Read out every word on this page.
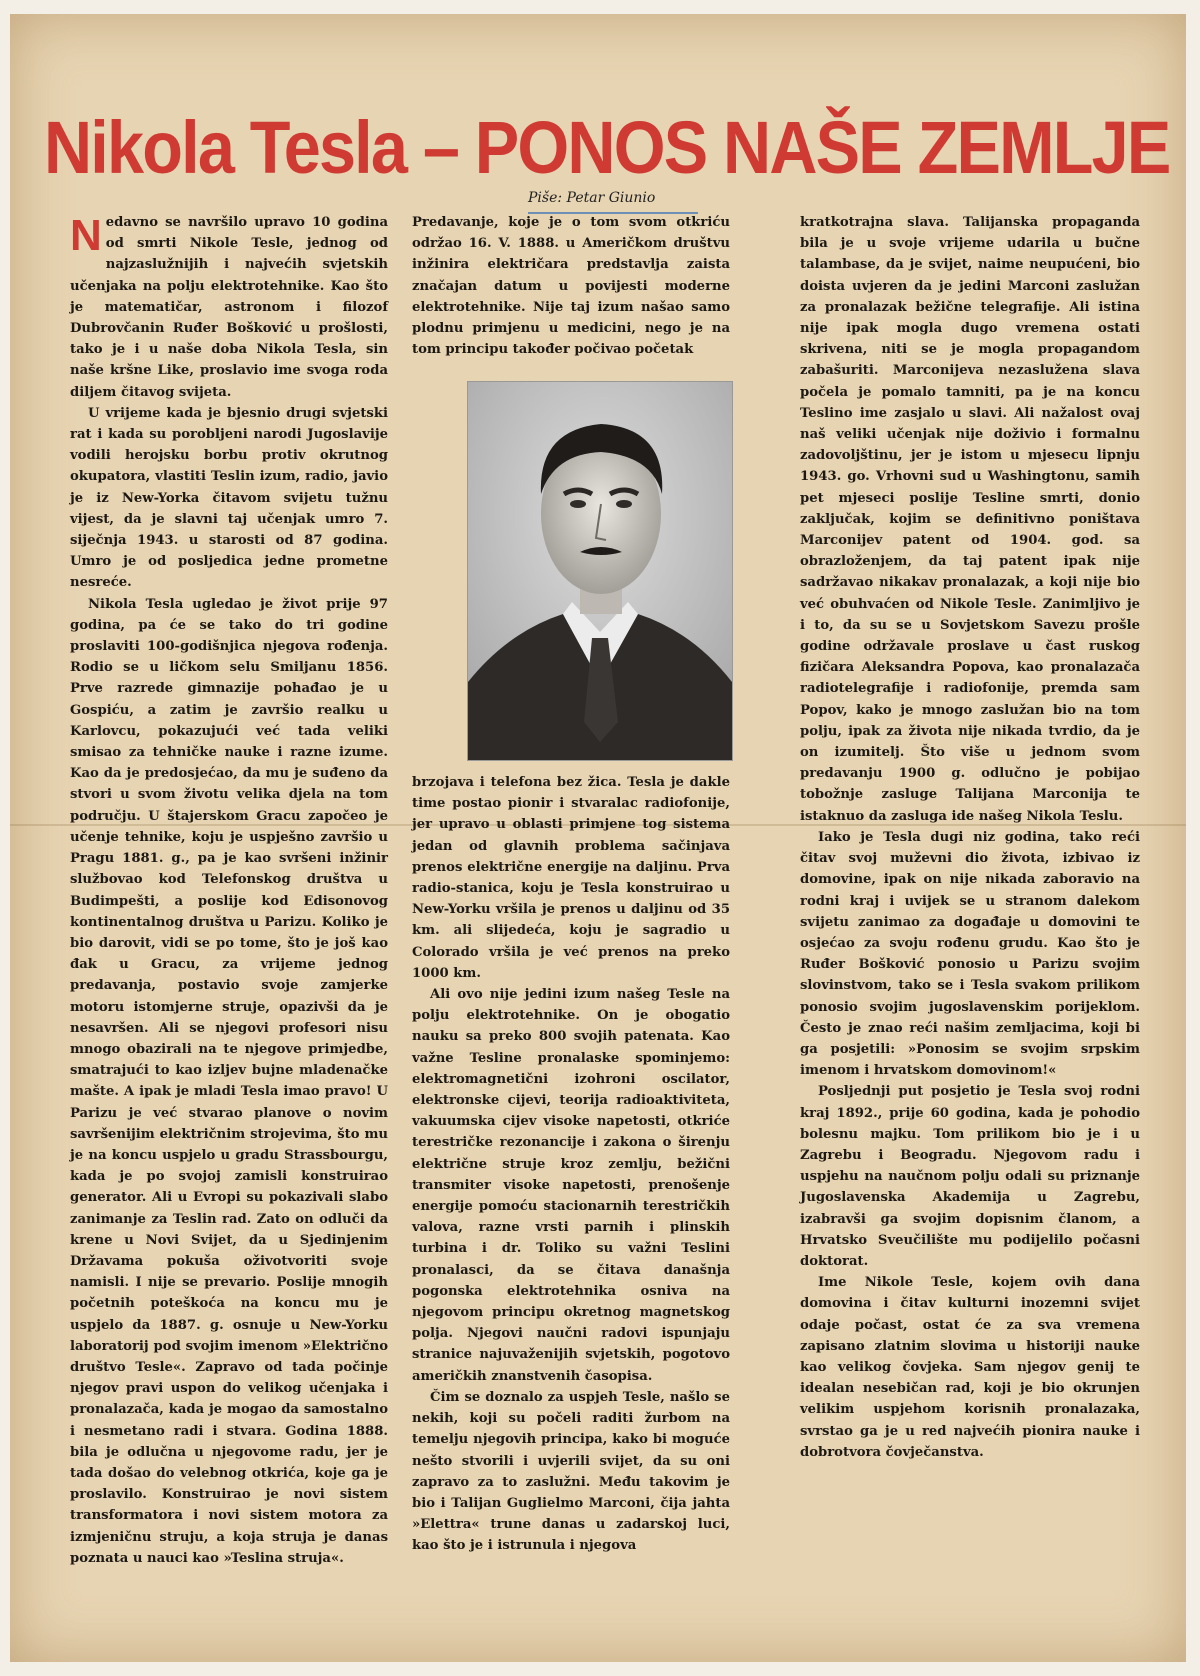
Nikola Tesla – PONOS NAŠE ZEMLJE
Piše: Petar Giunio

N edavno se navršilo upravo 10 godina od smrti Nikole Tesle, jednog od najzaslužnijih i najvećih svjetskih učenjaka na polju elektrotehnike. Kao što je matematičar, astronom i filozof Dubrovčanin Ruđer Bošković u prošlosti, tako je i u naše doba Nikola Tesla, sin naše kršne Like, proslavio ime svoga roda diljem čitavog svijeta.

U vrijeme kada je bjesnio drugi svjetski rat i kada su porobljeni narodi Jugoslavije vodili herojsku borbu protiv okrutnog okupatora, vlastiti Teslin izum, radio, javio je iz New-Yorka čitavom svijetu tužnu vijest, da je slavni taj učenjak umro 7. siječnja 1943. u starosti od 87 godina. Umro je od posljedica jedne prometne nesreće.

Nikola Tesla ugledao je život prije 97 godina, pa će se tako do tri godine proslaviti 100-godišnjica njegova rođenja. Rodio se u ličkom selu Smiljanu 1856. Prve razrede gimnazije pohađao je u Gospiću, a zatim je završio realku u Karlovcu, pokazujući već tada veliki smisao za tehničke nauke i razne izume. Kao da je predosjećao, da mu je suđeno da stvori u svom životu velika djela na tom području. U štajerskom Gracu započeo je učenje tehnike, koju je uspješno završio u Pragu 1881. g., pa je kao svršeni inžinir službovao kod Telefonskog društva u Budimpešti, a poslije kod Edisonovog kontinentalnog društva u Parizu. Koliko je bio darovit, vidi se po tome, što je još kao đak u Gracu, za vrijeme jednog predavanja, postavio svoje zamjerke motoru istomjerne struje, opazivši da je nesavršen. Ali se njegovi profesori nisu mnogo obazirali na te njegove primjedbe, smatrajući to kao izljev bujne mladenačke mašte. A ipak je mladi Tesla imao pravo! U Parizu je već stvarao planove o novim savršenijim električnim strojevima, što mu je na koncu uspjelo u gradu Strassbourgu, kada je po svojoj zamisli konstruirao generator. Ali u Evropi su pokazivali slabo zanimanje za Teslin rad. Zato on odluči da krene u Novi Svijet, da u Sjedinjenim Državama pokuša oživotvoriti svoje namisli. I nije se prevario. Poslije mnogih početnih poteškoća na koncu mu je uspjelo da 1887. g. osnuje u New-Yorku laboratorij pod svojim imenom »Električno društvo Tesle«. Zapravo od tada počinje njegov pravi uspon do velikog učenjaka i pronalazača, kada je mogao da samostalno i nesmetano radi i stvara. Godina 1888. bila je odlučna u njegovome radu, jer je tada došao do velebnog otkrića, koje ga je proslavilo. Konstruirao je novi sistem transformatora i novi sistem motora za izmjeničnu struju, a koja struja je danas poznata u nauci kao »Teslina struja«.

Predavanje, koje je o tom svom otkriću održao 16. V. 1888. u Američkom društvu inžinira električara predstavlja zaista značajan datum u povijesti moderne elektrotehnike. Nije taj izum našao samo plodnu primjenu u medicini, nego je na tom principu također počivao početak

brzojava i telefona bez žica. Tesla je dakle time postao pionir i stvaralac radiofonije, jer upravo u oblasti primjene tog sistema jedan od glavnih problema sačinjava prenos električne energije na daljinu. Prva radio-stanica, koju je Tesla konstruirao u New-Yorku vršila je prenos u daljinu od 35 km. ali slijedeća, koju je sagradio u Colorado vršila je već prenos na preko 1000 km.

Ali ovo nije jedini izum našeg Tesle na polju elektrotehnike. On je obogatio nauku sa preko 800 svojih patenata. Kao važne Tesline pronalaske spominjemo: elektromagnetični izohroni oscilator, elektronske cijevi, teorija radioaktiviteta, vakuumska cijev visoke napetosti, otkriće terestričke rezonancije i zakona o širenju električne struje kroz zemlju, bežični transmiter visoke napetosti, prenošenje energije pomoću stacionarnih terestričkih valova, razne vrsti parnih i plinskih turbina i dr. Toliko su važni Teslini pronalasci, da se čitava današnja pogonska elektrotehnika osniva na njegovom principu okretnog magnetskog polja. Njegovi naučni radovi ispunjaju stranice najuvaženijih svjetskih, pogotovo američkih znanstvenih časopisa.

Čim se doznalo za uspjeh Tesle, našlo se nekih, koji su počeli raditi žurbom na temelju njegovih principa, kako bi moguće nešto stvorili i uvjerili svijet, da su oni zapravo za to zaslužni. Među takovim je bio i Talijan Guglielmo Marconi, čija jahta »Elettra« trune danas u zadarskoj luci, kao što je i istrunula i njegova

kratkotrajna slava. Talijanska propaganda bila je u svoje vrijeme udarila u bučne talambase, da je svijet, naime neupućeni, bio doista uvjeren da je jedini Marconi zaslužan za pronalazak bežične telegrafije. Ali istina nije ipak mogla dugo vremena ostati skrivena, niti se je mogla propagandom zabašuriti. Marconijeva nezaslužena slava počela je pomalo tamniti, pa je na koncu Teslino ime zasjalo u slavi. Ali nažalost ovaj naš veliki učenjak nije doživio i formalnu zadovoljštinu, jer je istom u mjesecu lipnju 1943. go. Vrhovni sud u Washingtonu, samih pet mjeseci poslije Tesline smrti, donio zaključak, kojim se definitivno poništava Marconijev patent od 1904. god. sa obrazloženjem, da taj patent ipak nije sadržavao nikakav pronalazak, a koji nije bio već obuhvaćen od Nikole Tesle. Zanimljivo je i to, da su se u Sovjetskom Savezu prošle godine održavale proslave u čast ruskog fizičara Aleksandra Popova, kao pronalazača radiotelegrafije i radiofonije, premda sam Popov, kako je mnogo zaslužan bio na tom polju, ipak za života nije nikada tvrdio, da je on izumitelj. Što više u jednom svom predavanju 1900 g. odlučno je pobijao tobožnje zasluge Talijana Marconija te istaknuo da zasluga ide našeg Nikola Teslu.

Iako je Tesla dugi niz godina, tako reći čitav svoj muževni dio života, izbivao iz domovine, ipak on nije nikada zaboravio na rodni kraj i uvijek se u stranom dalekom svijetu zanimao za događaje u domovini te osjećao za svoju rođenu grudu. Kao što je Ruđer Bošković ponosio u Parizu svojim slovinstvom, tako se i Tesla svakom prilikom ponosio svojim jugoslavenskim porijeklom. Često je znao reći našim zemljacima, koji bi ga posjetili: »Ponosim se svojim srpskim imenom i hrvatskom domovinom!«

Posljednji put posjetio je Tesla svoj rodni kraj 1892., prije 60 godina, kada je pohodio bolesnu majku. Tom prilikom bio je i u Zagrebu i Beogradu. Njegovom radu i uspjehu na naučnom polju odali su priznanje Jugoslavenska Akademija u Zagrebu, izabravši ga svojim dopisnim članom, a Hrvatsko Sveučilište mu podijelilo počasni doktorat.

Ime Nikole Tesle, kojem ovih dana domovina i čitav kulturni inozemni svijet odaje počast, ostat će za sva vremena zapisano zlatnim slovima u historiji nauke kao velikog čovjeka. Sam njegov genij te idealan nesebičan rad, koji je bio okrunjen velikim uspjehom korisnih pronalazaka, svrstao ga je u red najvećih pionira nauke i dobrotvora čovječanstva.
